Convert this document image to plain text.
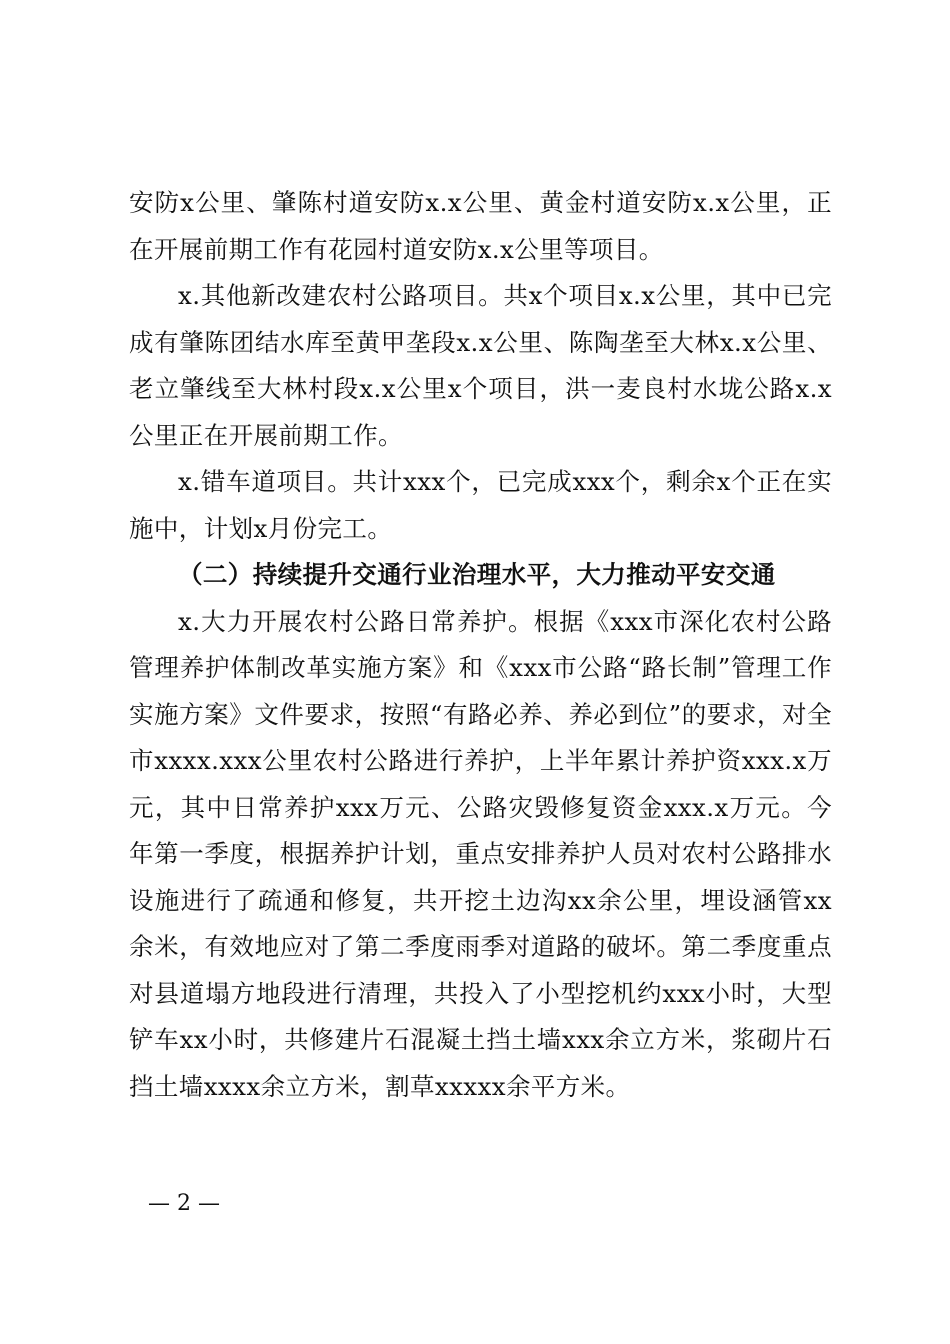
安防x公里、肇陈村道安防x.x公里、黄金村道安防x.x公里，正在开展前期工作有花园村道安防x.x公里等项目。

x.其他新改建农村公路项目。共x个项目x.x公里，其中已完成有肇陈团结水库至黄甲垄段x.x公里、陈陶垄至大林x.x公里、老立肇线至大林村段x.x公里x个项目，洪一麦良村水垅公路x.x公里正在开展前期工作。

x.错车道项目。共计xxx个，已完成xxx个，剩余x个正在实施中，计划x月份完工。

（二）持续提升交通行业治理水平，大力推动平安交通

x.大力开展农村公路日常养护。根据《xxx市深化农村公路管理养护体制改革实施方案》和《xxx市公路“路长制”管理工作实施方案》文件要求，按照“有路必养、养必到位”的要求，对全市xxxx.xxx公里农村公路进行养护，上半年累计养护资xxx.x万元，其中日常养护xxx万元、公路灾毁修复资金xxx.x万元。今年第一季度，根据养护计划，重点安排养护人员对农村公路排水设施进行了疏通和修复，共开挖土边沟xx余公里，埋设涵管xx余米，有效地应对了第二季度雨季对道路的破坏。第二季度重点对县道塌方地段进行清理，共投入了小型挖机约xxx小时，大型铲车xx小时，共修建片石混凝土挡土墙xxx余立方米，浆砌片石挡土墙xxxx余立方米，割草xxxxx余平方米。

— 2 —
